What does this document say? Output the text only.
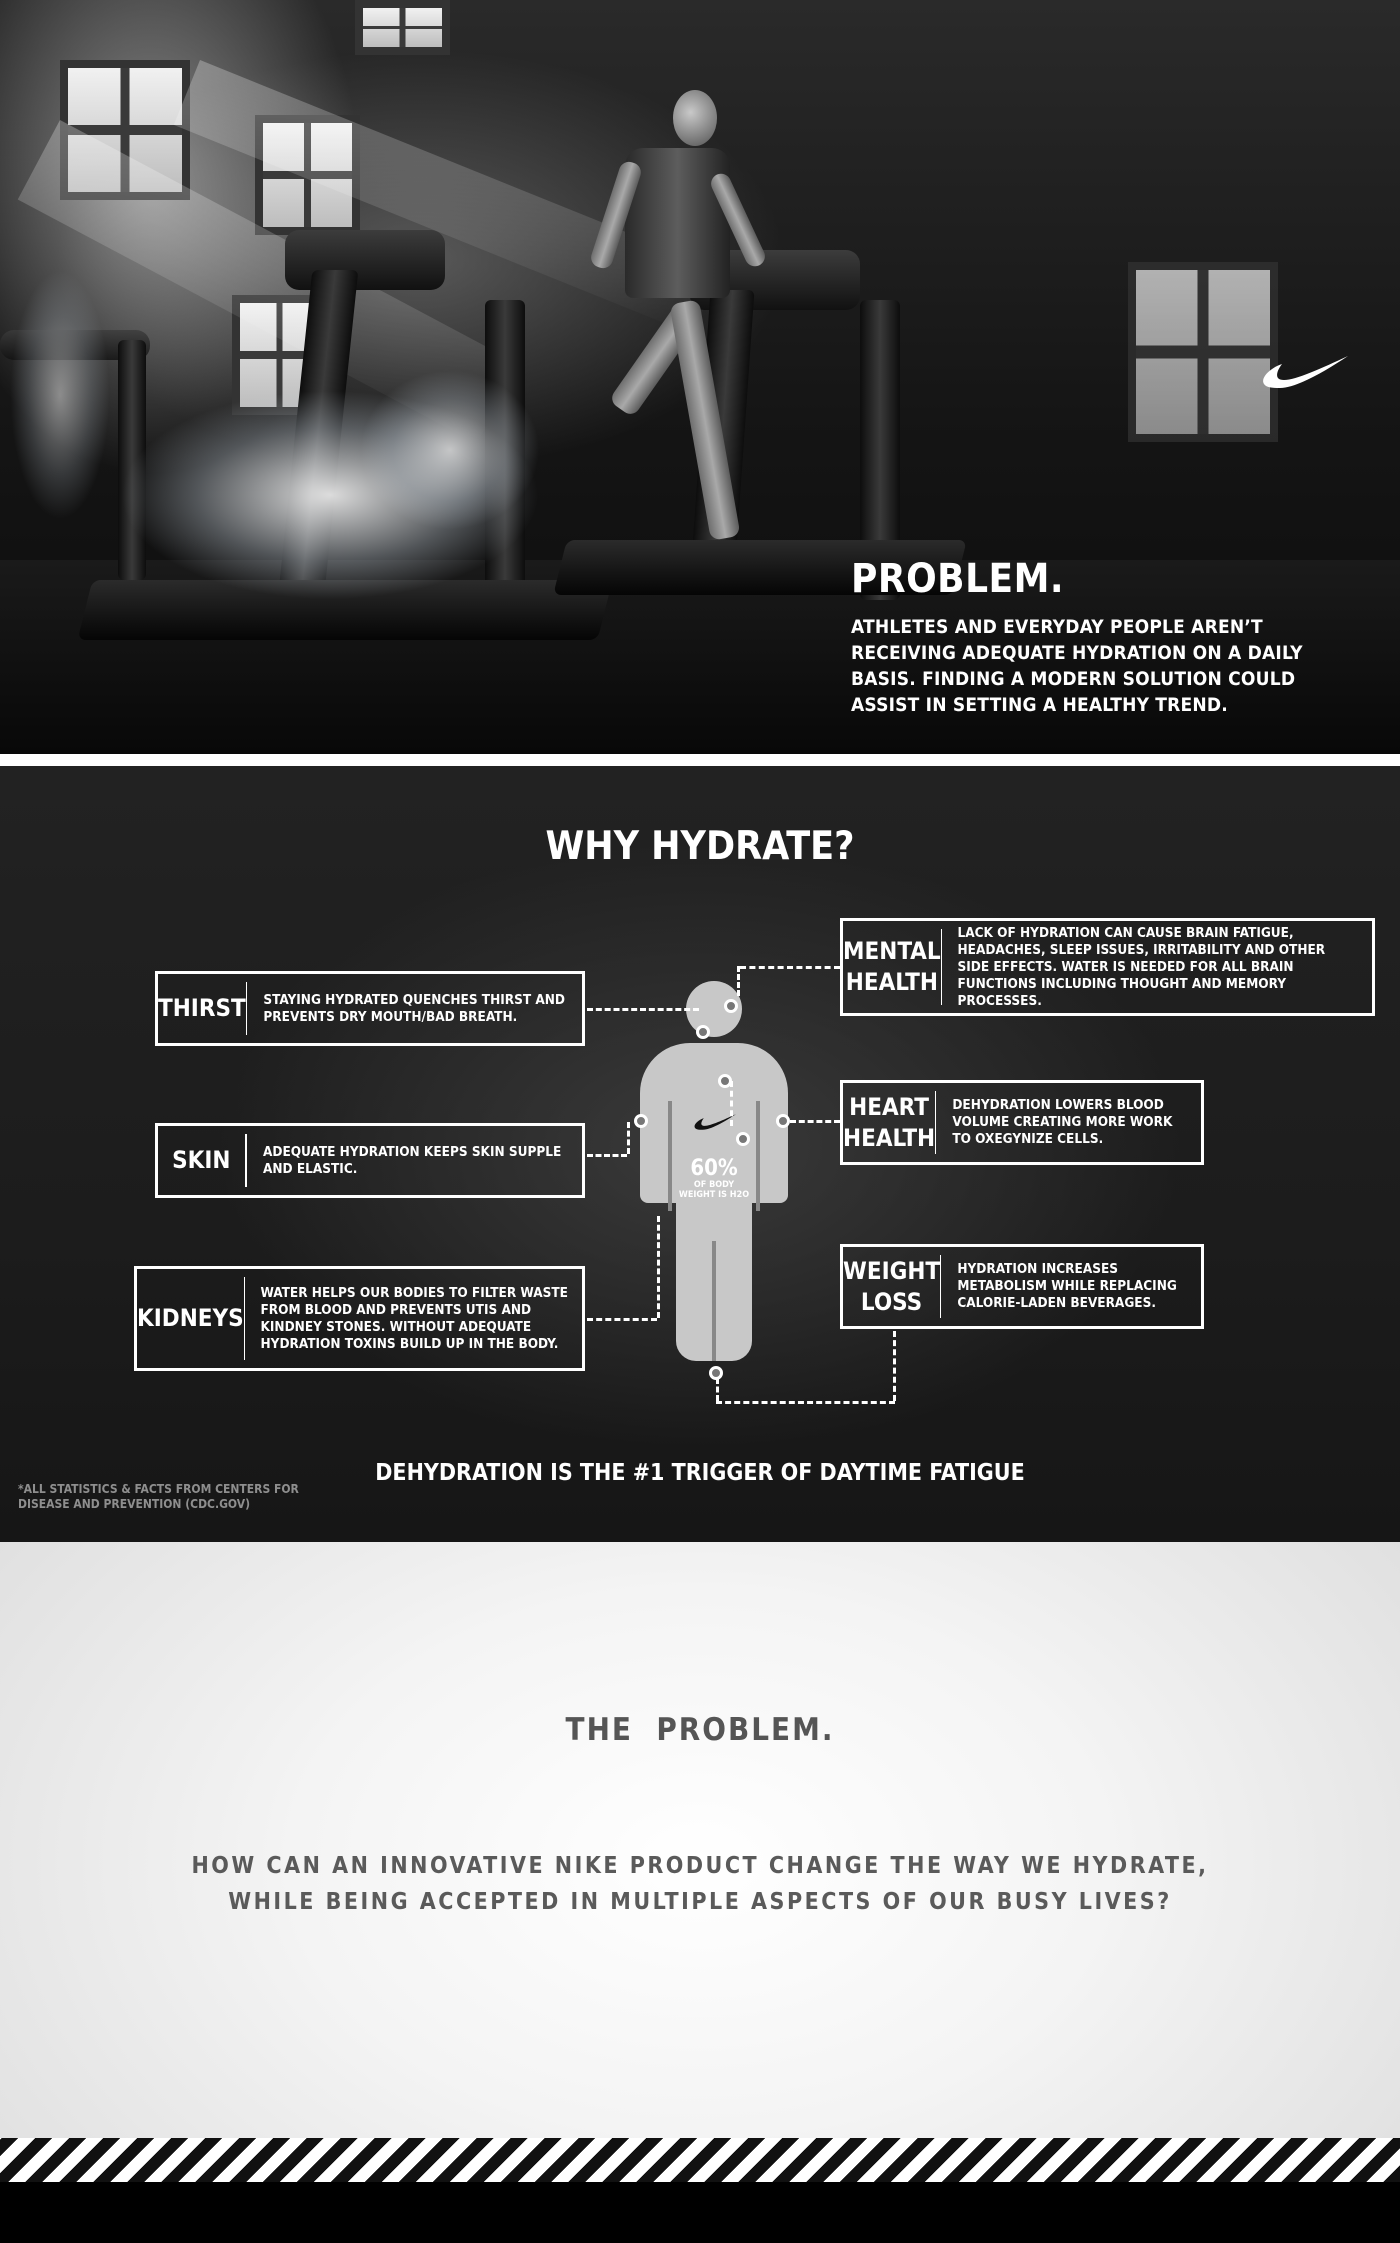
PROBLEM.

ATHLETES AND EVERYDAY PEOPLE AREN’T RECEIVING ADEQUATE HYDRATION ON A DAILY BASIS. FINDING A MODERN SOLUTION COULD ASSIST IN SETTING A HEALTHY TREND.

WHY HYDRATE?
THIRST	STAYING HYDRATED QUENCHES THIRST AND PREVENTS DRY MOUTH/BAD BREATH.
SKIN	ADEQUATE HYDRATION KEEPS SKIN SUPPLE AND ELASTIC.
KIDNEYS
WATER HELPS OUR BODIES TO FILTER WASTE FROM BLOOD AND PREVENTS UTIS AND KINDNEY STONES. WITHOUT ADEQUATE HYDRATION TOXINS BUILD UP IN THE BODY.
MENTAL HEALTH
LACK OF HYDRATION CAN CAUSE BRAIN FATIGUE, HEADACHES, SLEEP ISSUES, IRRITABILITY AND OTHER SIDE EFFECTS. WATER IS NEEDED FOR ALL BRAIN FUNCTIONS INCLUDING THOUGHT AND MEMORY PROCESSES.
HEART HEALTH
DEHYDRATION LOWERS BLOOD VOLUME CREATING MORE WORK TO OXEGYNIZE CELLS.
WEIGHT LOSS
HYDRATION INCREASES METABOLISM WHILE REPLACING CALORIE-LADEN BEVERAGES.
60%
OF BODY WEIGHT IS H2O

DEHYDRATION IS THE #1 TRIGGER OF DAYTIME FATIGUE

*ALL STATISTICS & FACTS FROM CENTERS FOR DISEASE AND PREVENTION (CDC.GOV)

THE  PROBLEM.

HOW CAN AN INNOVATIVE NIKE PRODUCT CHANGE THE WAY WE HYDRATE, WHILE BEING ACCEPTED IN MULTIPLE ASPECTS OF OUR BUSY LIVES?
